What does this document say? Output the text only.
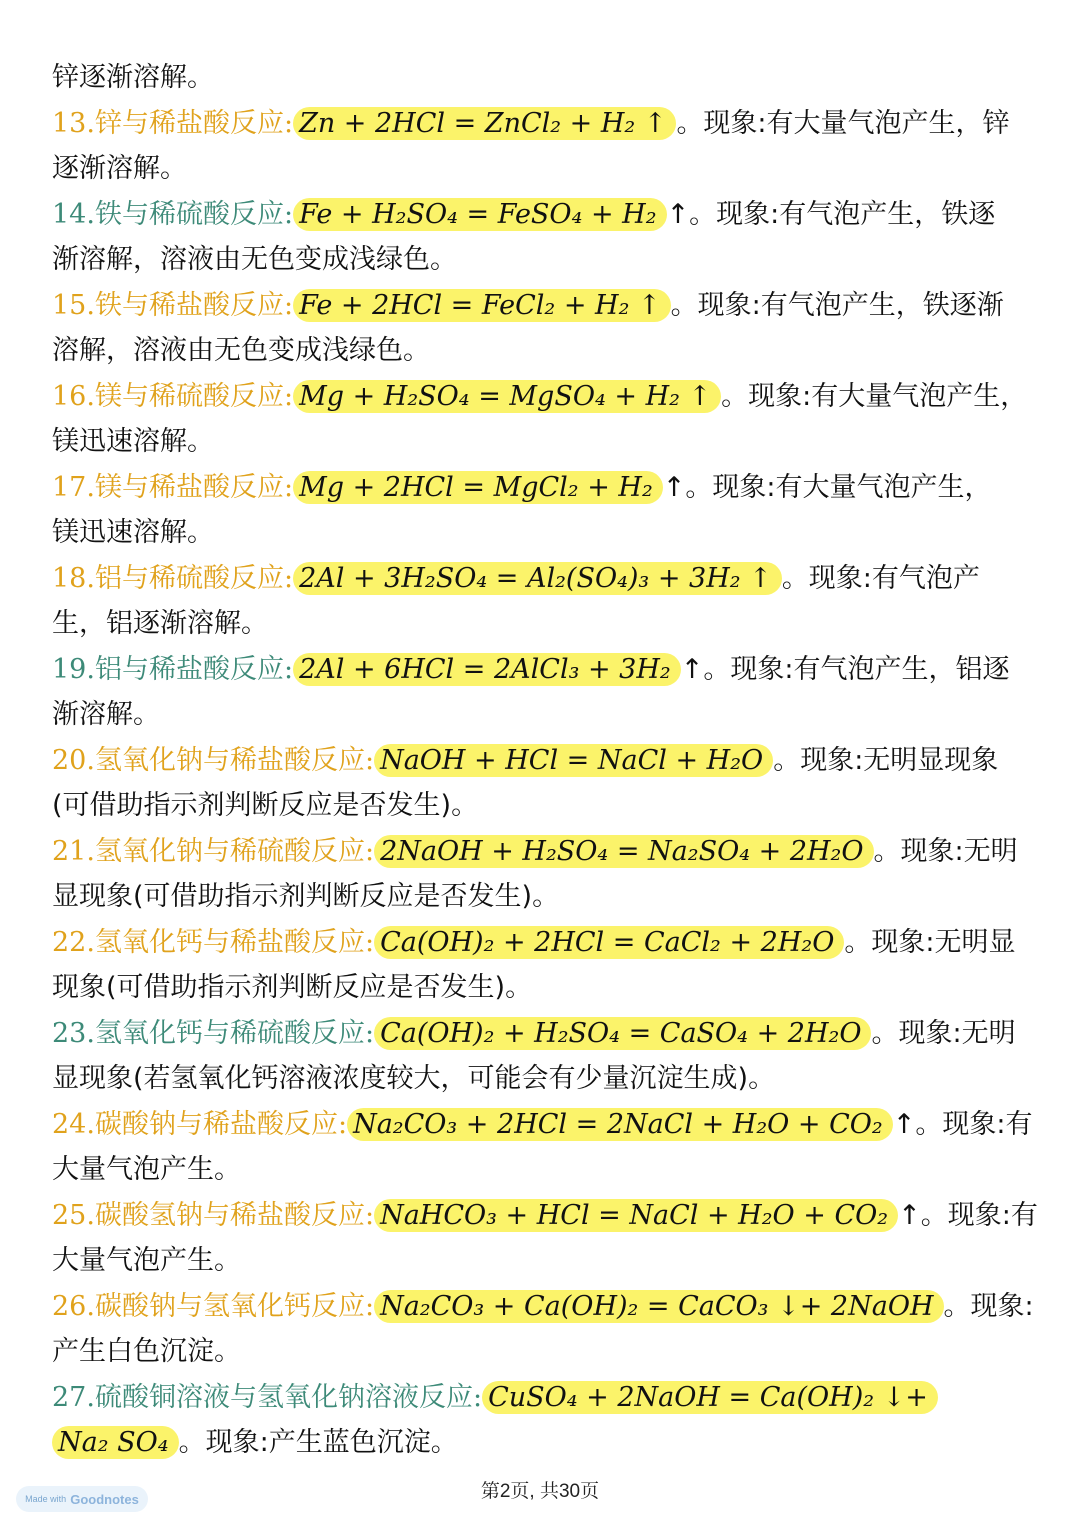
锌逐渐溶解。
13.锌与稀盐酸反应: Zn + 2HCl = ZnCl₂ + H₂ ↑ 。现象:有大量气泡产生，锌
逐渐溶解。
14.铁与稀硫酸反应: Fe + H₂SO₄ = FeSO₄ + H₂ ↑。现象:有气泡产生，铁逐
渐溶解，溶液由无色变成浅绿色。
15.铁与稀盐酸反应: Fe + 2HCl = FeCl₂ + H₂ ↑ 。现象:有气泡产生，铁逐渐
溶解，溶液由无色变成浅绿色。
16.镁与稀硫酸反应: Mg + H₂SO₄ = MgSO₄ + H₂ ↑ 。现象:有大量气泡产生，
镁迅速溶解。
17.镁与稀盐酸反应: Mg + 2HCl = MgCl₂ + H₂ ↑。现象:有大量气泡产生，
镁迅速溶解。
18.铝与稀硫酸反应: 2Al + 3H₂SO₄ = Al₂(SO₄)₃ + 3H₂ ↑ 。现象:有气泡产
生，铝逐渐溶解。
19.铝与稀盐酸反应: 2Al + 6HCl = 2AlCl₃ + 3H₂ ↑。现象:有气泡产生，铝逐
渐溶解。
20.氢氧化钠与稀盐酸反应: NaOH + HCl = NaCl + H₂O 。现象:无明显现象
(可借助指示剂判断反应是否发生)。
21.氢氧化钠与稀硫酸反应: 2NaOH + H₂SO₄ = Na₂SO₄ + 2H₂O 。现象:无明
显现象(可借助指示剂判断反应是否发生)。
22.氢氧化钙与稀盐酸反应: Ca(OH)₂ + 2HCl = CaCl₂ + 2H₂O 。现象:无明显
现象(可借助指示剂判断反应是否发生)。
23.氢氧化钙与稀硫酸反应: Ca(OH)₂ + H₂SO₄ = CaSO₄ + 2H₂O 。现象:无明
显现象(若氢氧化钙溶液浓度较大，可能会有少量沉淀生成)。
24.碳酸钠与稀盐酸反应: Na₂CO₃ + 2HCl = 2NaCl + H₂O + CO₂ ↑。现象:有
大量气泡产生。
25.碳酸氢钠与稀盐酸反应: NaHCO₃ + HCl = NaCl + H₂O + CO₂ ↑。现象:有
大量气泡产生。
26.碳酸钠与氢氧化钙反应: Na₂CO₃ + Ca(OH)₂ = CaCO₃ ↓+ 2NaOH 。现象:
产生白色沉淀。
27.硫酸铜溶液与氢氧化钠溶液反应: CuSO₄ + 2NaOH = Ca(OH)₂ ↓+
Na₂ SO₄ 。现象:产生蓝色沉淀。
第2页, 共30页
Made with Goodnotes
